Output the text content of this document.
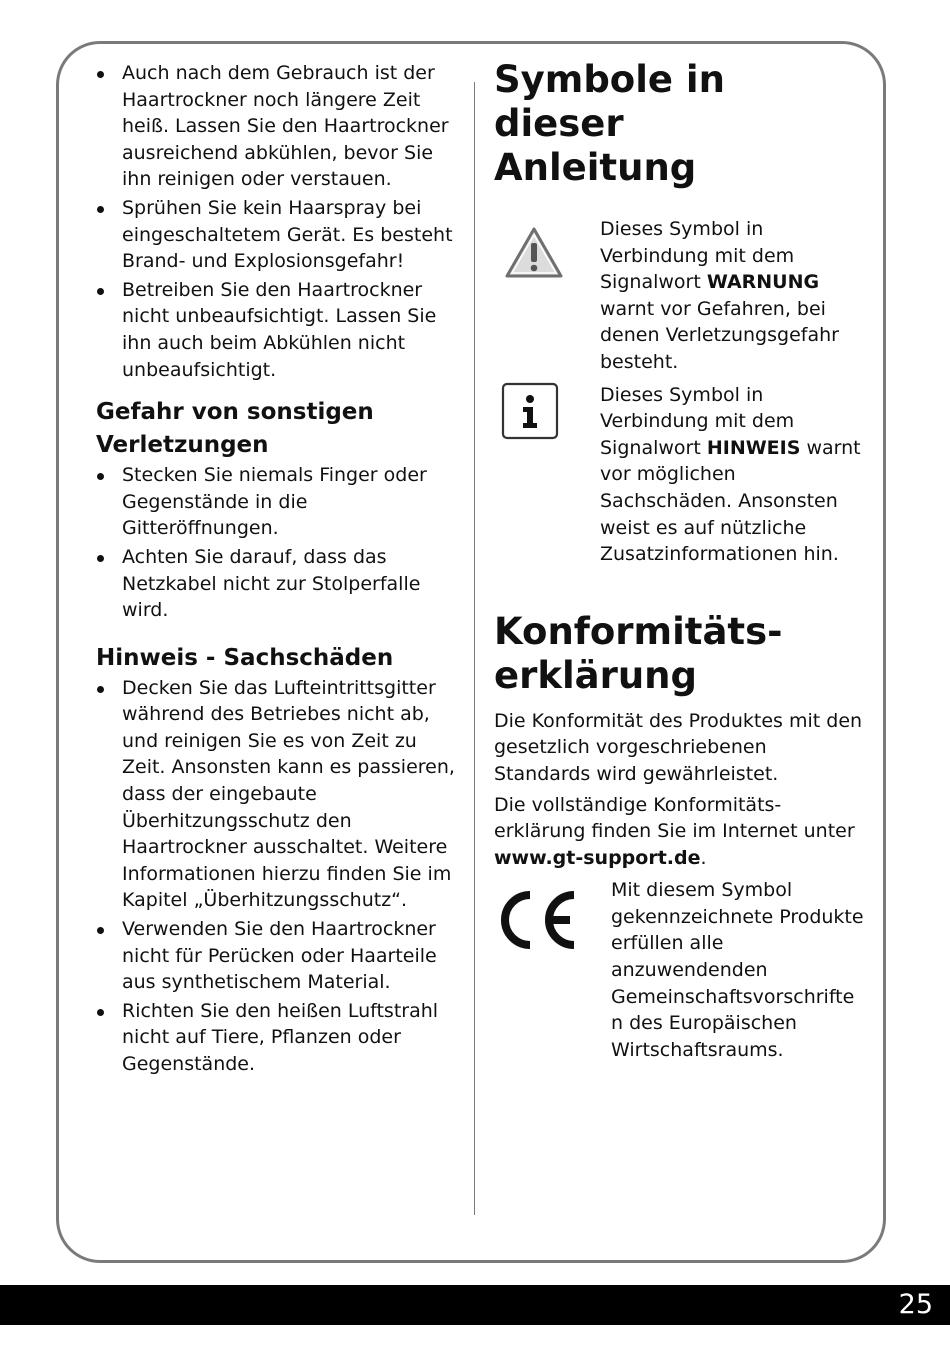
Auch nach dem Gebrauch ist der Haartrockner noch längere Zeit heiß. Lassen Sie den Haartrockner ausreichend abkühlen, bevor Sie ihn reinigen oder verstauen.
Sprühen Sie kein Haarspray bei eingeschaltetem Gerät. Es besteht Brand- und Explosionsgefahr!
Betreiben Sie den Haartrockner nicht unbeaufsichtigt. Lassen Sie ihn auch beim Abkühlen nicht unbeaufsichtigt.
Gefahr von sonstigen
Verletzungen
Stecken Sie niemals Finger oder Gegenstände in die Gitteröffnungen.
Achten Sie darauf, dass das Netzkabel nicht zur Stolperfalle wird.
Hinweis - Sachschäden
Decken Sie das Lufteintrittsgitter während des Betriebes nicht ab, und reinigen Sie es von Zeit zu Zeit. Ansonsten kann es passieren, dass der eingebaute Überhitzungsschutz den Haartrockner ausschaltet. Weitere Informationen hierzu finden Sie im Kapitel „Überhitzungsschutz“.
Verwenden Sie den Haartrockner nicht für Perücken oder Haarteile aus synthetischem Material.
Richten Sie den heißen Luftstrahl nicht auf Tiere, Pflanzen oder Gegenstände.
Symbole in dieser
Anleitung
Dieses Symbol in Verbindung mit dem Signalwort WARNUNG warnt vor Gefahren, bei denen Verletzungsgefahr besteht.
Dieses Symbol in Verbindung mit dem Signalwort HINWEIS warnt vor möglichen Sachschäden. Ansonsten weist es auf nützliche Zusatzinformationen hin.
Konformitäts-
erklärung

Die Konformität des Produktes mit den gesetzlich vorgeschriebenen Standards wird gewährleistet.

Die vollständige Konformitäts-erklärung finden Sie im Internet unter www.gt-support.de.

Mit diesem Symbol gekennzeichnete Produkte erfüllen alle anzuwendenden Gemeinschaftsvorschrifte n des Europäischen Wirtschaftsraums.
25
